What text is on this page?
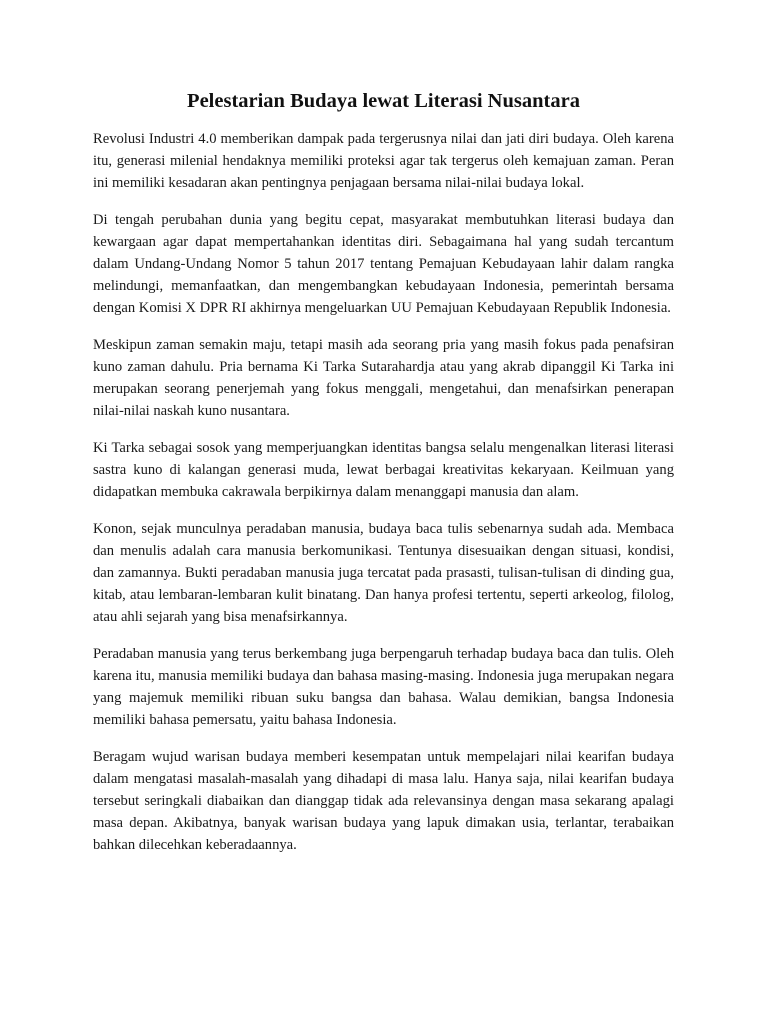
Pelestarian Budaya lewat Literasi Nusantara

Revolusi Industri 4.0 memberikan dampak pada tergerusnya nilai dan jati diri budaya. Oleh karena itu, generasi milenial hendaknya memiliki proteksi agar tak tergerus oleh kemajuan zaman. Peran ini memiliki kesadaran akan pentingnya penjagaan bersama nilai-nilai budaya lokal.

Di tengah perubahan dunia yang begitu cepat, masyarakat membutuhkan literasi budaya dan kewargaan agar dapat mempertahankan identitas diri. Sebagaimana hal yang sudah tercantum dalam Undang-Undang Nomor 5 tahun 2017 tentang Pemajuan Kebudayaan lahir dalam rangka melindungi, memanfaatkan, dan mengembangkan kebudayaan Indonesia, pemerintah bersama dengan Komisi X DPR RI akhirnya mengeluarkan UU Pemajuan Kebudayaan Republik Indonesia.

Meskipun zaman semakin maju, tetapi masih ada seorang pria yang masih fokus pada penafsiran kuno zaman dahulu. Pria bernama Ki Tarka Sutarahardja atau yang akrab dipanggil Ki Tarka ini merupakan seorang penerjemah yang fokus menggali, mengetahui, dan menafsirkan penerapan nilai-nilai naskah kuno nusantara.

Ki Tarka sebagai sosok yang memperjuangkan identitas bangsa selalu mengenalkan literasi literasi sastra kuno di kalangan generasi muda, lewat berbagai kreativitas kekaryaan. Keilmuan yang didapatkan membuka cakrawala berpikirnya dalam menanggapi manusia dan alam.

Konon, sejak munculnya peradaban manusia, budaya baca tulis sebenarnya sudah ada. Membaca dan menulis adalah cara manusia berkomunikasi. Tentunya disesuaikan dengan situasi, kondisi, dan zamannya. Bukti peradaban manusia juga tercatat pada prasasti, tulisan-tulisan di dinding gua, kitab, atau lembaran-lembaran kulit binatang. Dan hanya profesi tertentu, seperti arkeolog, filolog, atau ahli sejarah yang bisa menafsirkannya.

Peradaban manusia yang terus berkembang juga berpengaruh terhadap budaya baca dan tulis. Oleh karena itu, manusia memiliki budaya dan bahasa masing-masing. Indonesia juga merupakan negara yang majemuk memiliki ribuan suku bangsa dan bahasa. Walau demikian, bangsa Indonesia memiliki bahasa pemersatu, yaitu bahasa Indonesia.

Beragam wujud warisan budaya memberi kesempatan untuk mempelajari nilai kearifan budaya dalam mengatasi masalah-masalah yang dihadapi di masa lalu. Hanya saja, nilai kearifan budaya tersebut seringkali diabaikan dan dianggap tidak ada relevansinya dengan masa sekarang apalagi masa depan. Akibatnya, banyak warisan budaya yang lapuk dimakan usia, terlantar, terabaikan bahkan dilecehkan keberadaannya.
